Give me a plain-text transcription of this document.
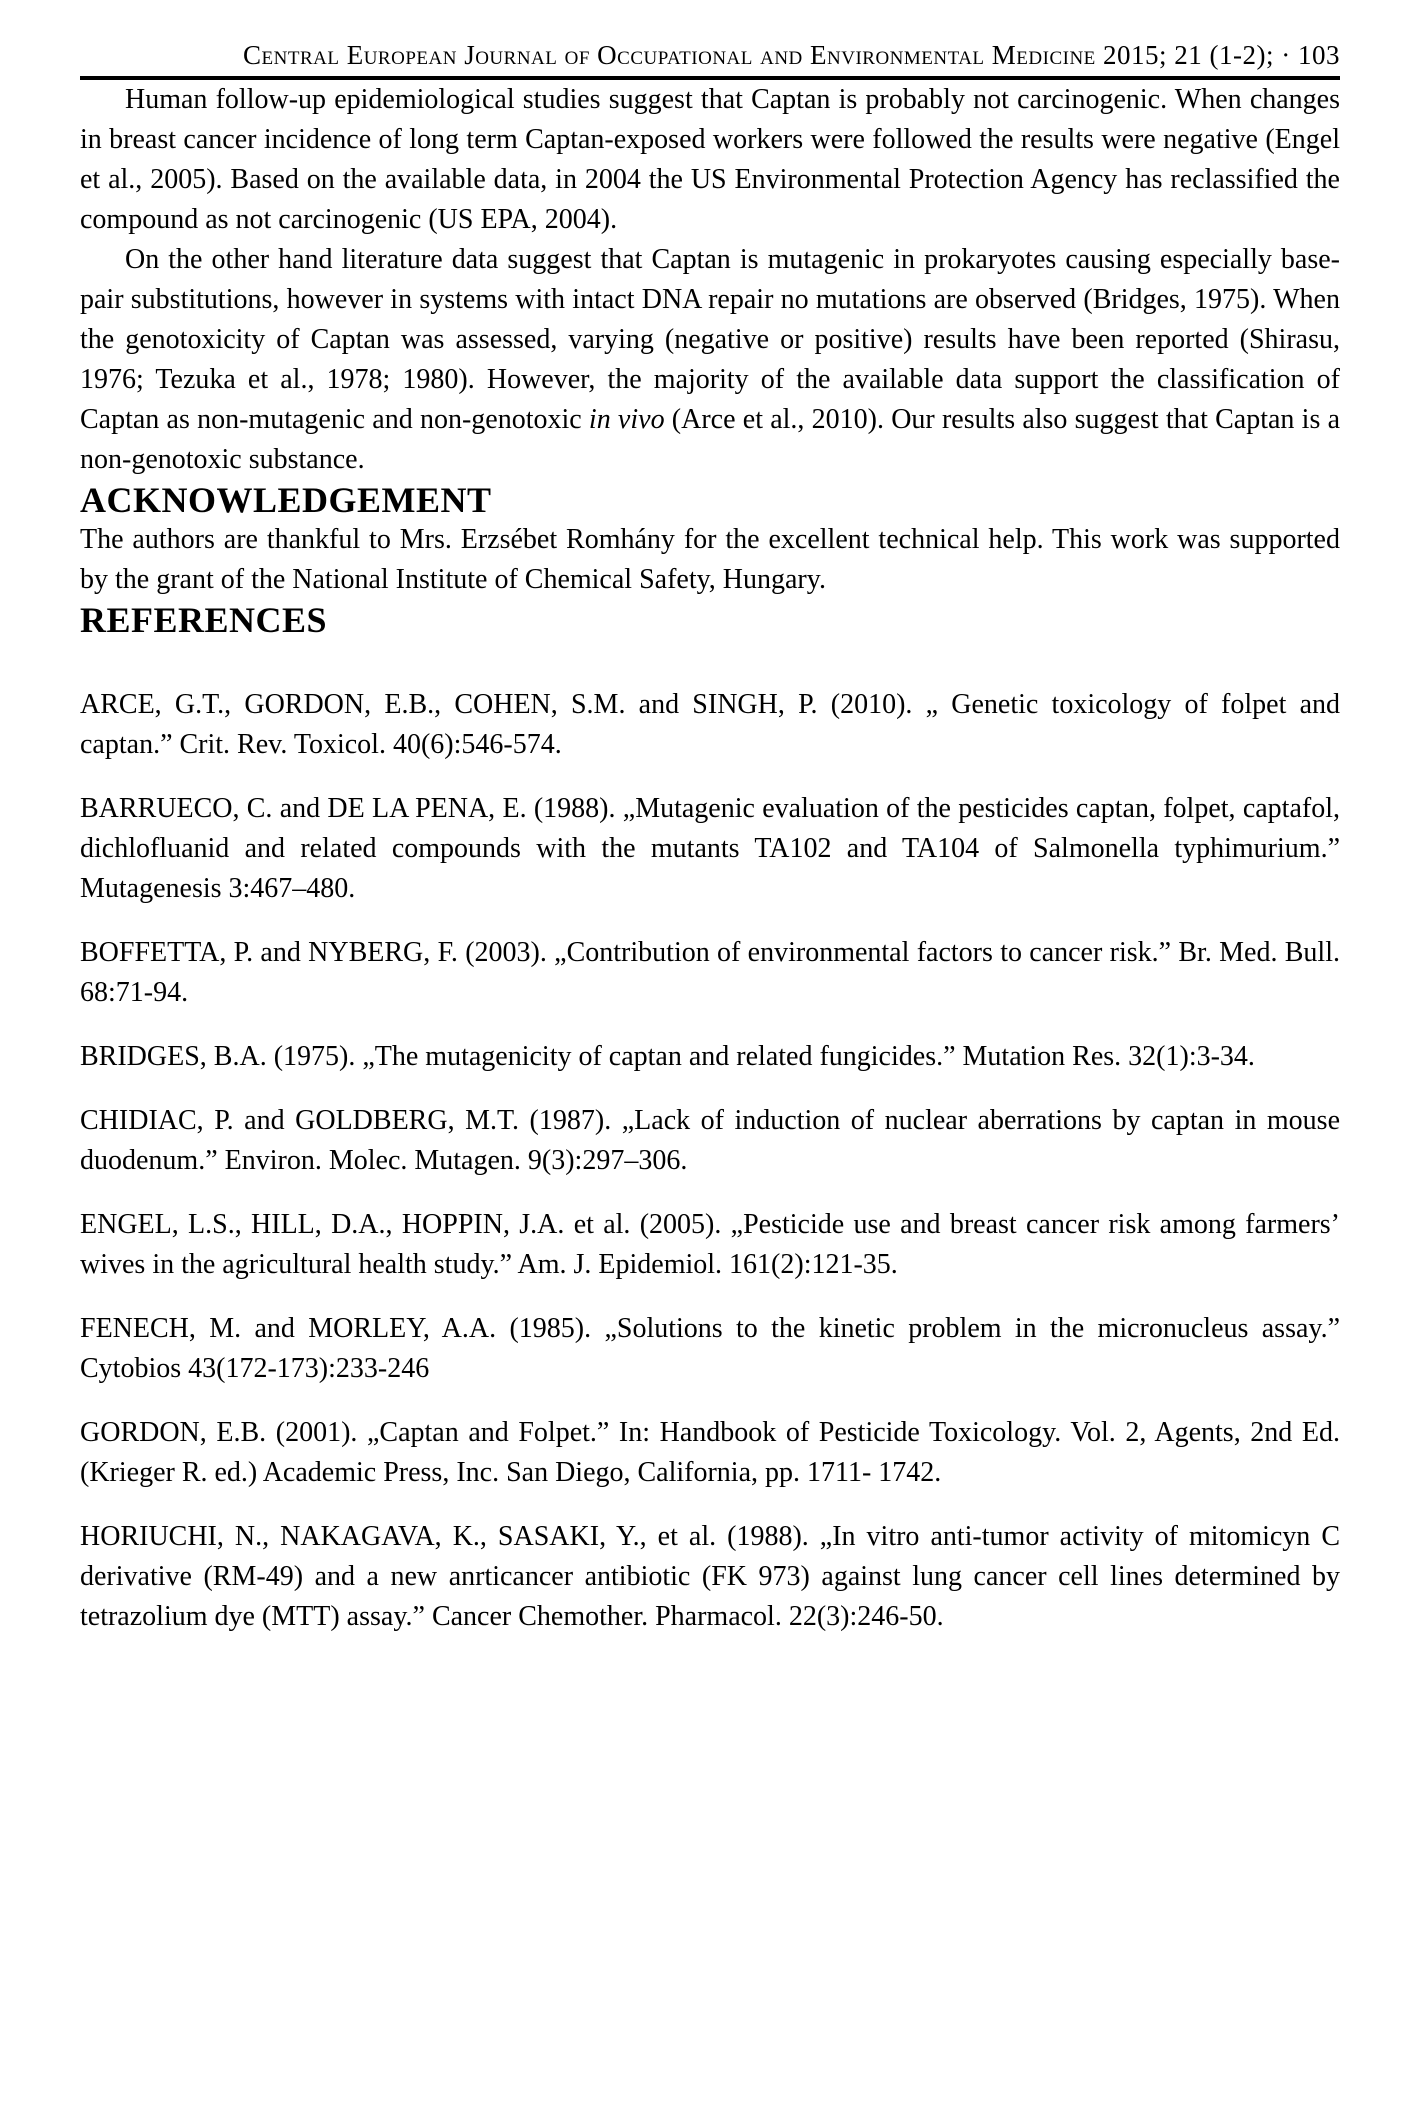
Central European Journal of Occupational and Environmental Medicine 2015; 21 (1-2); · 103

Human follow-up epidemiological studies suggest that Captan is probably not carcinogenic. When changes in breast cancer incidence of long term Captan-exposed workers were followed the results were negative (Engel et al., 2005). Based on the available data, in 2004 the US Environmental Protection Agency has reclassified the compound as not carcinogenic (US EPA, 2004).

On the other hand literature data suggest that Captan is mutagenic in prokaryotes causing especially base-pair substitutions, however in systems with intact DNA repair no mutations are observed (Bridges, 1975). When the genotoxicity of Captan was assessed, varying (negative or positive) results have been reported (Shirasu, 1976; Tezuka et al., 1978; 1980). However, the majority of the available data support the classification of Captan as non-mutagenic and non-genotoxic in vivo (Arce et al., 2010). Our results also suggest that Captan is a non-genotoxic substance.

ACKNOWLEDGEMENT

The authors are thankful to Mrs. Erzsébet Romhány for the excellent technical help. This work was supported by the grant of the National Institute of Chemical Safety, Hungary.

REFERENCES

ARCE, G.T., GORDON, E.B., COHEN, S.M. and SINGH, P. (2010). „ Genetic toxicology of folpet and captan.” Crit. Rev. Toxicol. 40(6):546-574.

BARRUECO, C. and DE LA PENA, E. (1988). „Mutagenic evaluation of the pesticides captan, folpet, captafol, dichlofluanid and related compounds with the mutants TA102 and TA104 of Salmonella typhimurium.” Mutagenesis 3:467–480.

BOFFETTA, P. and NYBERG, F. (2003). „Contribution of environmental factors to cancer risk.” Br. Med. Bull. 68:71-94.

BRIDGES, B.A. (1975). „The mutagenicity of captan and related fungicides.” Mutation Res. 32(1):3-34.

CHIDIAC, P. and GOLDBERG, M.T. (1987). „Lack of induction of nuclear aberrations by captan in mouse duodenum.” Environ. Molec. Mutagen. 9(3):297–306.

ENGEL, L.S., HILL, D.A., HOPPIN, J.A. et al. (2005). „Pesticide use and breast cancer risk among farmers’ wives in the agricultural health study.” Am. J. Epidemiol. 161(2):121-35.

FENECH, M. and MORLEY, A.A. (1985). „Solutions to the kinetic problem in the micronucleus assay.” Cytobios 43(172-173):233-246

GORDON, E.B. (2001). „Captan and Folpet.” In: Handbook of Pesticide Toxicology. Vol. 2, Agents, 2nd Ed. (Krieger R. ed.) Academic Press, Inc. San Diego, California, pp. 1711- 1742.

HORIUCHI, N., NAKAGAVA, K., SASAKI, Y., et al. (1988). „In vitro anti-tumor activity of mitomicyn C derivative (RM-49) and a new anrticancer antibiotic (FK 973) against lung cancer cell lines determined by tetrazolium dye (MTT) assay.” Cancer Chemother. Pharmacol. 22(3):246-50.
